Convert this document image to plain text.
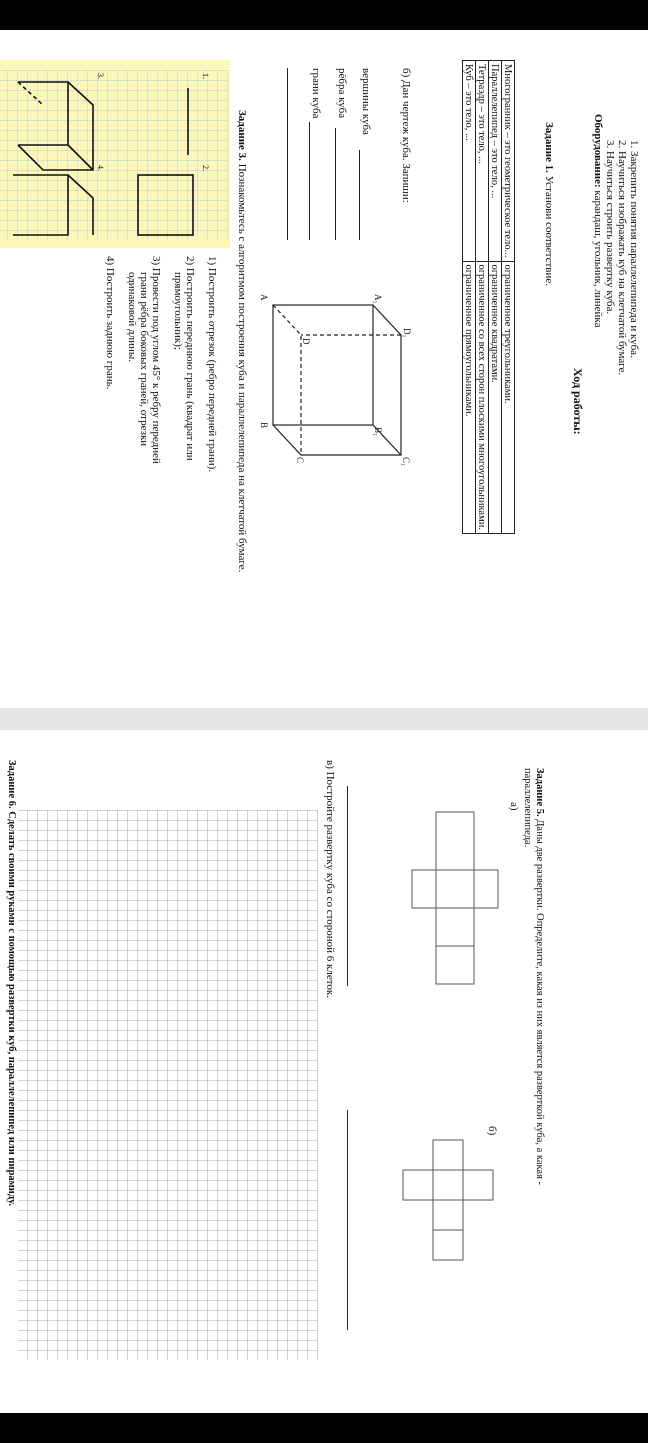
1. Закрепить понятия параллелепипеда и куба.
2. Научиться изображать куб на клетчатой бумаге.
3. Научиться строить развертку куба.
Оборудование: карандаш, угольник, линейка
Ход работы:
Задание 1. Установи соответствие.
Многогранник – это геометрическое тело...	ограниченное треугольниками.
Параллелепипед – это тело, ...	ограниченное квадратами.
Тетраэдр – это тело, ...	ограниченное со всех сторон плоскими многоугольниками.
Куб – это тело, ...	ограниченное прямоугольниками.
б) Дан чертеж куба. Запиши:
вершины куба
рёбра куба
грани куба
D₁
C₁
A₁
B₁
D
C
A
B
Задание 3. Познакомьтесь с алгоритмом построения куба и параллелепипеда на клетчатой бумаге.
1.
2.
3.
4.
1) Построить отрезок (ребро передней грани).
2) Построить переднюю грань (квадрат или
прямоугольник);
3) Провести под углом 45° к ребру передней
грани рёбра боковых граней, отрезки
одинаковой длины.
4) Построить заднюю грань.
Задание 5. Даны две развертки. Определите, какая из них является разверткой куба, а какая -
параллелепипеда.
а)
б)
в) Постройте развертку куба со стороной 6 клеток.
Задание 6. Сделать своими руками с помощью развертки куб, параллелепипед или пирамиду.
